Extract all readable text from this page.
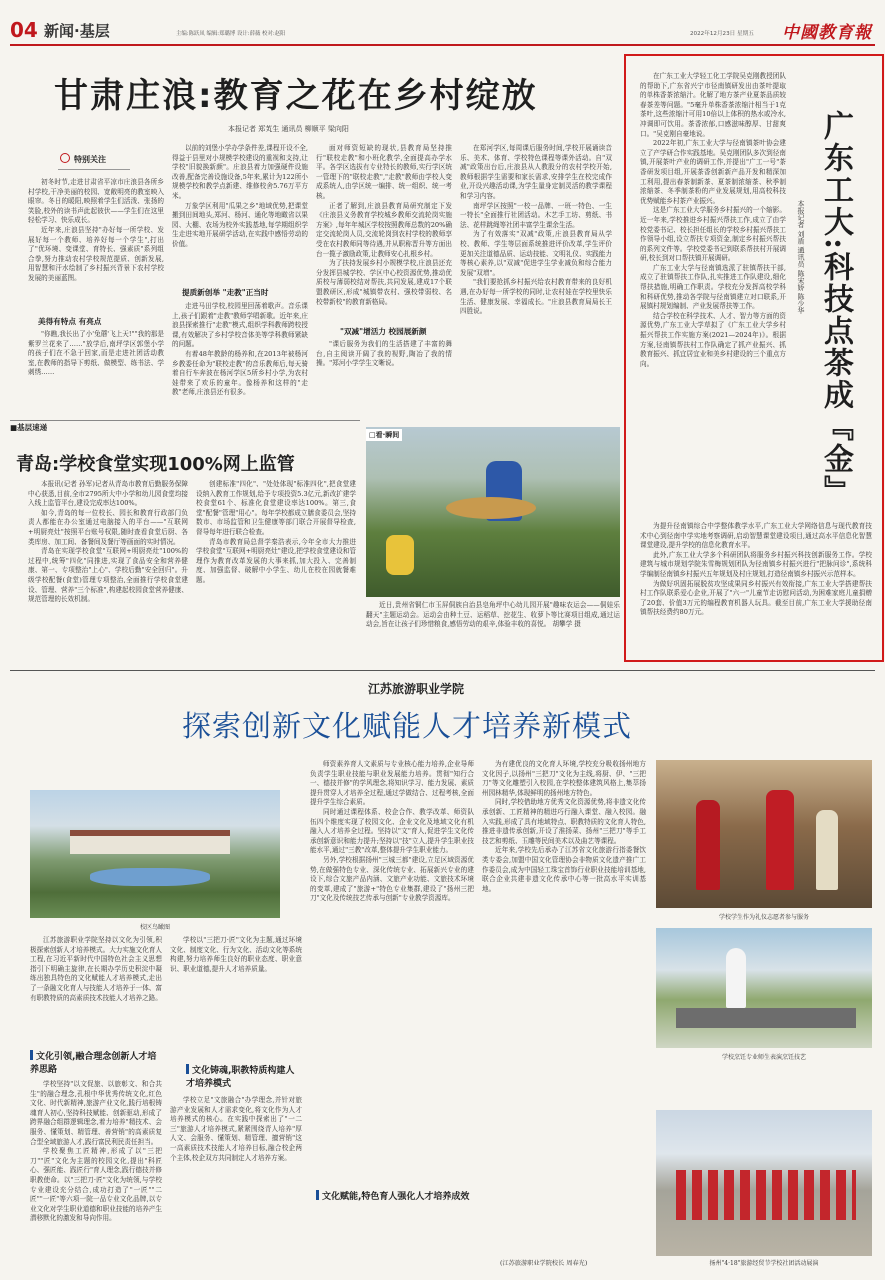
04 新闻·基层	主编:陈跃凤 编辑:郑璐博 设计:薛薇 校对:赵阳	2022年12月23日 星期五 中國教育報
甘肃庄浪:教育之花在乡村绽放
本报记者 郑芄生 通讯员 柳顺平 梁向阳
特别关注

初冬时节,走进甘肃省平凉市庄浪县各所乡村学校,干净美丽的校园、宽敞明亮的教室映入眼帘。冬日的暖阳,映照着学生们活泼、张扬的笑脸,校外的读书声此起彼伏——学生们在这里轻松学习、快乐成长。

近年来,庄浪县坚持"办好每一所学校、发展好每一个教师、培养好每一个学生",打出了"优环境、变课堂、育特长、强素质"系列组合拳,努力推动农村学校规范提质、创新发展,用智慧和汗水绘制了乡村振兴背景下农村学校发展的美丽蓝图。

美得有特点 有亮点

"你瞧,我长出了小'兔蘑'飞上天!""我的那是紫罗兰花来了……"放学后,南坪学区郭堡小学的孩子们在不急于回家,而是走进社团活动教室,在教师的指导下剪纸、做模型、练书法、学刺绣……

以前的刘堡小学办学条件差,课程开设不全,得益于县里对小规模学校建设的重视和支持,让学校"旧貌换新颜"。庄浪县着力加强硬件设施改善,配备完善设施设备,5年来,累计为122所小规模学校和教学点新建、维修校舍5.76万平方米。

万象学区利用"瓜果之乡"地域优势,把课堂搬到田间地头,郑河、杨河、通化等地瞰省以果园、大棚、农场为校外实践基地,每学期组织学生走进实地开展研学活动,在实践中感悟劳动的价值。

提质新创举 "走教"正当时

走进马田学校,校园里回荡着歌声。音乐课上,孩子们跟着"走教"教师学唱新歌。近年来,庄浪县探索推行"走教"模式,组织学科教师跨校授课,有效解决了乡村学校音体美等学科教师紧缺的问题。

有着48年教龄的杨养和,在2013年被杨河乡教委任命为"联校走教"的音乐教师后,每天骑着自行车奔波在杨河学区5所乡村小学,为农村娃带来了欢乐的童年。像杨养和这样的"走教"老师,庄浪县还有很多。

面对师资短缺的现状,县教育局坚持推行"联校走教"和小班化教学,全面提高办学水平。各学区选拔有专业特长的教师,实行学区统一管理下的"联校走教","走教"教师由学校人变成系统人,由学区统一编排、统一组织、统一考核。

正者了解到,庄浪县教育局研究制定下发《庄浪县义务教育学校城乡教师交流轮岗实施方案》,每年年城区学校按照教师总数的20%确定交流轮岗人员,交流轮岗到农村学校的教师享受在农村教师同等待遇,并从职称晋升等方面出台一揽子激励政策,让教师安心扎根乡村。

为了扶持发展乡村小规模学校,庄浪县还充分发挥县城学校、学区中心校资源优势,推动优质校与薄弱校结对帮扶,共同发展,建成17个联盟教研区,形成"城镇带农村、强校带弱校、名校带新校"的教育新格局。

"双减"增活力 校园展新颜

"课后服务为我们的生活搭建了丰富的舞台,自主阅读开阔了我的视野,陶冶了我的情操。"郑河小学学生文晰说。

在郑河学区,每周课后服务时间,学校开展诵读音乐、美术、体育、学校特色课程等课外活动。自"双减"政策出台后,庄浪县从人教股分的农村学校开始,教师根据学生需要和家长需求,安排学生在校完成作业,开设兴趣活动课,为学生量身定制灵活的教学课程和学习内容。

南坪学区按照"一校一品牌、一班一特色、一生一特长"全面推行社团活动。木艺手工坊、剪纸、书法、花样跳绳等社团丰富学生课余生活。

为了有效落实"双减"政策,庄浪县教育局从学校、教师、学生等层面系统推进评价改革,学生评价更加关注道德品质、运动技能、文明礼仪、实践能力等核心素养,以"双减"促进学生学业减负和综合能力发展"双增"。

"我们要抢抓乡村振兴给农村教育带来的良好机遇,在办好每一所学校的同时,让农村娃在学校里快乐生活、健康发展、幸福成长。"庄浪县教育局局长王四胜说。

□看·瞬间

近日,贵州省铜仁市玉屏侗族自治县皂角坪中心幼儿园开展"趣味农运会——侗娃乐翻天"主题运动会。运动会由种土豆、运稻草、挖花生、收萝卜等比赛项目组成,通过运动会,旨在让孩子们珍惜粮食,感悟劳动的艰辛,体验丰收的喜悦。 胡攀学 摄

在广东工业大学轻工化工学院吴克刚教授团队的帮助下,广东省兴宁市径南镇研发出由茶叶提取的单株香茶浓缩汁。化解了地方茶产业夏茶品质较春茶差等问题。"5毫升单株香茶浓缩汁相当于1克茶叶,这些浓缩汁可用10倍以上体积的热水或冷水,冲调即可饮用。茶香浓郁,口感滋味醇厚、甘甜爽口。"吴克刚自豪地说。

2022年初,广东工业大学与径南镇茶叶协会建立了产学研合作实践基地。吴克刚团队多次到径南镇,开展茶叶产业的调研工作,并提出"广工一号"茶香研发项目组,开展茶香创新新产品开发和精深加工利用,提出春茶制新茶、夏茶制浓缩茶、秋季制浓缩茶、冬季制茶粉的产业发展规划,用高校科技优势赋能乡村茶产业振兴。

这是广东工业大学服务乡村振兴的一个缩影。近一年来,学校推进乡村振兴帮扶工作,成立了由学校党委书记、校长担任组长的学校乡村振兴帮扶工作领导小组,设立帮扶专项资金,制定乡村振兴帮扶的系列文件等。学校党委书记到联系帮扶村开展调研,校长到对口帮扶镇开展调研。

广东工业大学与径南镇选派了驻镇帮扶干部,成立了驻镇帮扶工作队,扎实推进工作队建设,细化帮扶措施,明确工作职责。学校充分发挥高校学科和科研优势,推动各学院与径南镇建立对口联系,开展镇村规划编制、产业发展帮扶等工作。

结合学校在科学技术、人才、智力等方面的资源优势,广东工业大学草拟了《广东工业大学乡村振兴帮扶工作实施方案(2021—2024年)》。根据方案,径南镇帮扶村工作队确定了抓产业振兴、抓教育振兴、抓宜居宜业和美乡村建设的三个重点方向。

为提升径南镇综合中学整体教学水平,广东工业大学网络信息与现代教育技术中心到径南中学实地考察调研,启动智慧课堂建设项目,通过高水平信息化智慧课堂建设,提升学校的信息化教育水平。

此外,广东工业大学多个科研团队将服务乡村振兴科技创新服务工作。学校建筑与城市规划学院朱雪梅规划团队为径南镇乡村振兴进行"把脉问诊",系统科学编制径南镇乡村振兴五年规划及村庄规划,打造径南镇乡村振兴示范样本。

为做好巩固拓展脱贫攻坚成果同乡村振兴有效衔接,广东工业大学搭建帮扶村工作队联系爱心企业,开展了"六一"儿童节走访慰问活动,为困难家庭儿童捐赠了20套、价值3万元的编程教育机器人玩具。截至目前,广东工业大学援助径南镇帮扶经费约80万元。

广东工大:科技点茶成『金』
本报记者 刘盾 通讯员 陈宋娇 陈少华
■基层速递
青岛:学校食堂实现100%网上监管

本报讯(记者 孙军)记者从青岛市教育后勤服务保障中心获悉,目前,全市2795所大中小学和幼儿园食堂均接入线上监管平台,建设完成率达100%。

如今,青岛的每一位校长、园长和教育行政部门负责人都能在办公室通过电脑接入的平台——"互联网+明厨亮灶"按照平台账号权限,随时查看食堂后厨、各类库房、加工间、备餐间及餐厅等画面的实时情况。

青岛在实现学校食堂"互联网+明厨亮灶"100%的过程中,统筹"四化"同推进,实现了食品安全和营养健康、第一、专项整治"上心"、学校后勤"安全回归"。升级学校配餐(食堂)管理专项整治,全面推行学校食堂建设、管理、营养"三个标准",构建起校园食堂营养健康、规范管理的长效机制。

创建标准"四化"、"处处体现"标准四化",把食堂建设纳入教育工作规划,给予专项投资5.3亿元,新改扩建学校食堂61个、标准化食堂建设率达100%。第三,食堂"配餐"管理"用心"。每年学校都成立膳食委员会,坚持数市、市场监管和卫生健康等部门联合开展督导检查,督导每年进行联合检查。

青岛市教育局总督学秦浩表示,今年全市大力推进学校食堂"互联网+明厨亮灶"建设,把学校食堂建设和管理作为教育改革发展的大事来抓,加大投入、完善制度、加强监督、破解中小学生、幼儿在校在园就餐难题。

江苏旅游职业学院
探索创新文化赋能人才培养新模式
校区鸟瞰图

江苏旅游职业学院坚持以文化为引领,积极探索创新人才培养模式。大力实施文化育人工程,在习近平新时代中国特色社会主义思想指引下明确主旋律,在长期办学历史积淀中凝练出独具特色的文化赋能人才培养模式,走出了一条融文化育人与技能人才培养于一体、富有职教特质的高素质技术技能人才培养之路。

文化引领,融合理念创新人才培养思路

学校坚持"以文促旅、以旅彰文、和合共生"的融合理念,孔根中华优秀传统文化,红色文化、时代新精神,旅游产业文化,践行培根铸魂育人初心,坚持科技赋能、创新驱动,形成了跨界融合组群逻辑理念,着力培养"精技术、会服务、懂策划、精管理、善营销"的高素质复合型全域旅游人才,践行富民利民责任担当。

学校聚焦工匠精神,形成了以"三把刀""匠"文化为主题的校园文化,提出"科匠心、强匠能、践匠行"育人理念,践行德技并修职教使命。以"三把刀·匠"文化为统领,与学校专业建设充分结合,成功打造了"一匠""二匠""一匠"等六项一院一品专业文化品牌,以专业文化对学生职业道德和职业技能的培养产生潜移默化的激发和导向作用。

学校以"三把刀·匠"文化为主题,通过环境文化、制度文化、行为文化、活动文化等系统构建,努力培养师生良好的职业态度、职业意识、职业道德,提升人才培养质量。

文化铸魂,职教特质构建人才培养模式

学校立足"文旅融合"办学理念,并针对旅游产业发展和人才需求变化,将文化作为人才培养模式的核心。在实践中探索出了"一二三"旅游人才培养模式,紧紧围绕青人培养"厚人文、会服务、懂策划、精管理、擅营销"这一高素质技术技能人才培养目标,融合校企两个主体,校企双方共同制定人才培养方案。

师资素养育人文素质与专业核心能力培养,企业导师负责学生职业技能与职业发展能力培养。贯彻"知行合一、德技并修"的学风理念,将知识学习、能力发展、素质提升贯穿人才培养全过程,通过学做结合、过程考核,全面提升学生综合素质。

同时通过课程体系、校企合作、教学改革、师资队伍四个维度实现了校园文化、企业文化及地域文化有机融入人才培养全过程。坚持以"文"育人,促进学生文化传承创新意识和能力提升;坚持以"技"立人,提升学生职业技能水平,通过"三教"改革,整体提升学生职业能力。

另外,学校根据扬州"三城三都"建设,立足区域资源优势,在做强特色专业、深化传统专业、拓展新兴专业的建设下,综合文旅产品内涵、文旅产业功能、文旅技术环境的变革,建成了"旅游+"特色专业集群,建设了"扬州三把刀"文化及传统技艺传承与创新"专业教学资源库。

文化赋能,特色育人强化人才培养成效

为有建优良的文化育人环境,学校充分吸收扬州地方文化因子,以扬州"三把刀"文化为主线,将厨、伊、"三把刀"等文化雕塑引入校园,在学校整体建筑风格上,集萃扬州园林精华,体现鲜明的扬州地方特色。

同时,学校借助地方优秀文化资源优势,将非遗文化传承创新、工匠精神的精进巧行融入课堂、融入校园。融入实践,形成了具有地域特点、职教特质的文化育人特色,推进非遗传承创新,开设了淮扬菜、扬州"三把刀"等手工技艺和剪纸、玉雕等民间美术以及曲艺等课程。

近年来,学校先后承办了江苏省文化旅游行指委餐饮类专委会,加盟中国文化管理协会非物质文化遗产推广工作委员会,成为中国轻工珠宝首饰行业职业技能培训基地,联合企业共建非遗文化传承中心等一批高水平实训基地。

(江苏旅游职业学院校长 周春光)
学校学生作为礼仪志愿者参与服务
学校烹饪专业师生表演烹饪技艺
扬州"4·18"旅游经贸节学校社团活动展演
